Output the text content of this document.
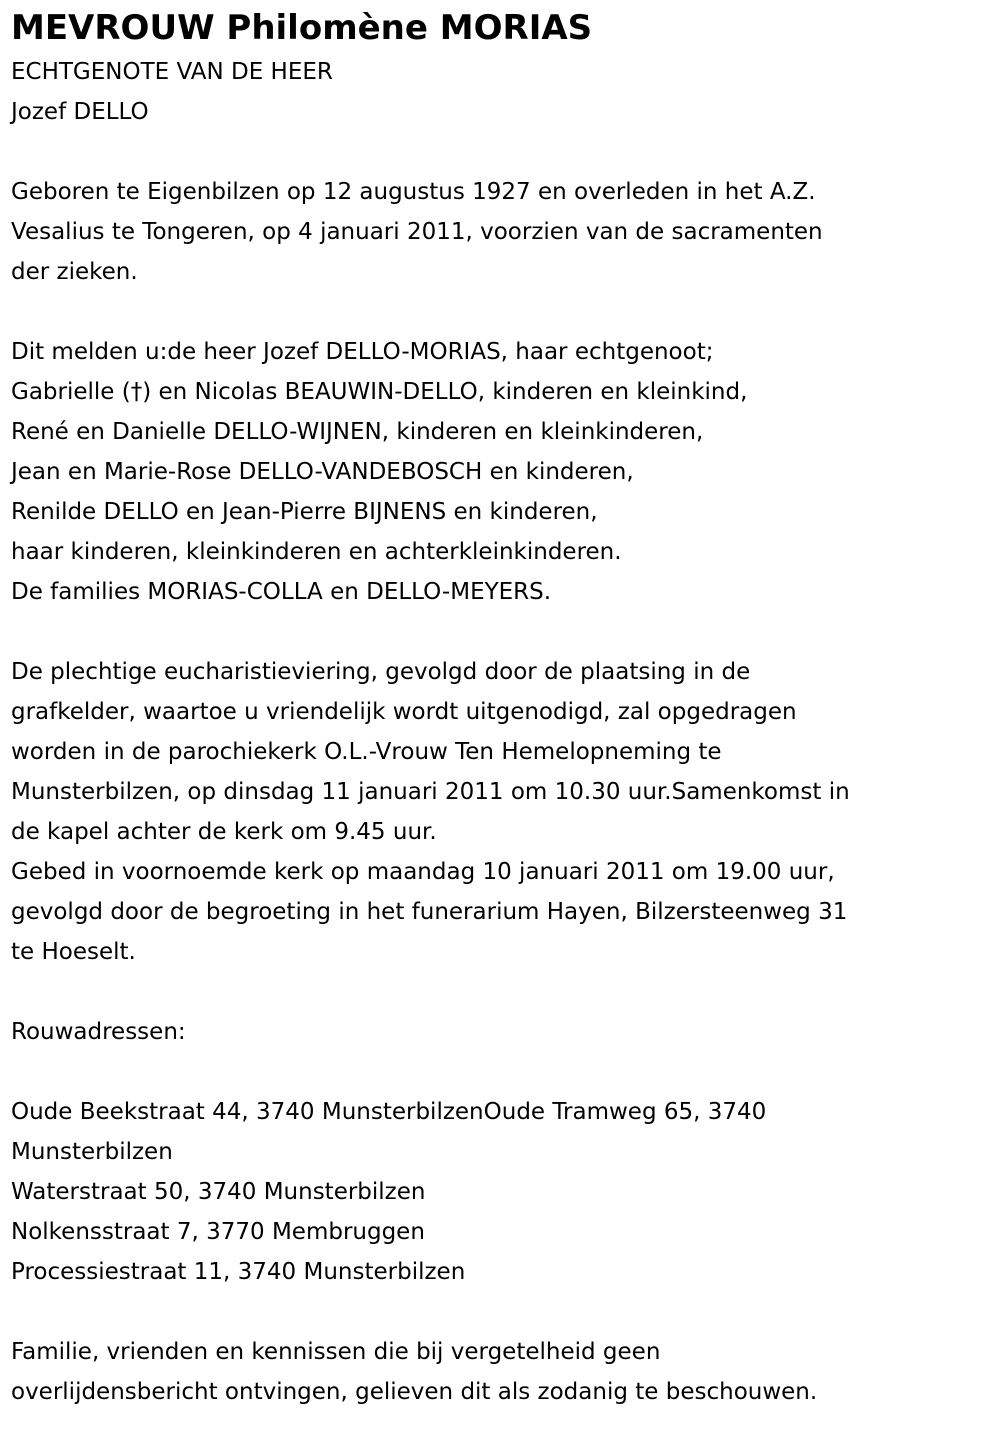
MEVROUW Philomène MORIAS

ECHTGENOTE VAN DE HEER

Jozef DELLO

Geboren te Eigenbilzen op 12 augustus 1927 en overleden in het A.Z.

Vesalius te Tongeren, op 4 januari 2011, voorzien van de sacramenten

der zieken.

Dit melden u:de heer Jozef DELLO-MORIAS, haar echtgenoot;

Gabrielle (†) en Nicolas BEAUWIN-DELLO, kinderen en kleinkind,

René en Danielle DELLO-WIJNEN, kinderen en kleinkinderen,

Jean en Marie-Rose DELLO-VANDEBOSCH en kinderen,

Renilde DELLO en Jean-Pierre BIJNENS en kinderen,

haar kinderen, kleinkinderen en achterkleinkinderen.

De families MORIAS-COLLA en DELLO-MEYERS.

De plechtige eucharistieviering, gevolgd door de plaatsing in de

grafkelder, waartoe u vriendelijk wordt uitgenodigd, zal opgedragen

worden in de parochiekerk O.L.-Vrouw Ten Hemelopneming te

Munsterbilzen, op dinsdag 11 januari 2011 om 10.30 uur.Samenkomst in

de kapel achter de kerk om 9.45 uur.

Gebed in voornoemde kerk op maandag 10 januari 2011 om 19.00 uur,

gevolgd door de begroeting in het funerarium Hayen, Bilzersteenweg 31

te Hoeselt.

Rouwadressen:

Oude Beekstraat 44, 3740 MunsterbilzenOude Tramweg 65, 3740

Munsterbilzen

Waterstraat 50, 3740 Munsterbilzen

Nolkensstraat 7, 3770 Membruggen

Processiestraat 11, 3740 Munsterbilzen

Familie, vrienden en kennissen die bij vergetelheid geen

overlijdensbericht ontvingen, gelieven dit als zodanig te beschouwen.
